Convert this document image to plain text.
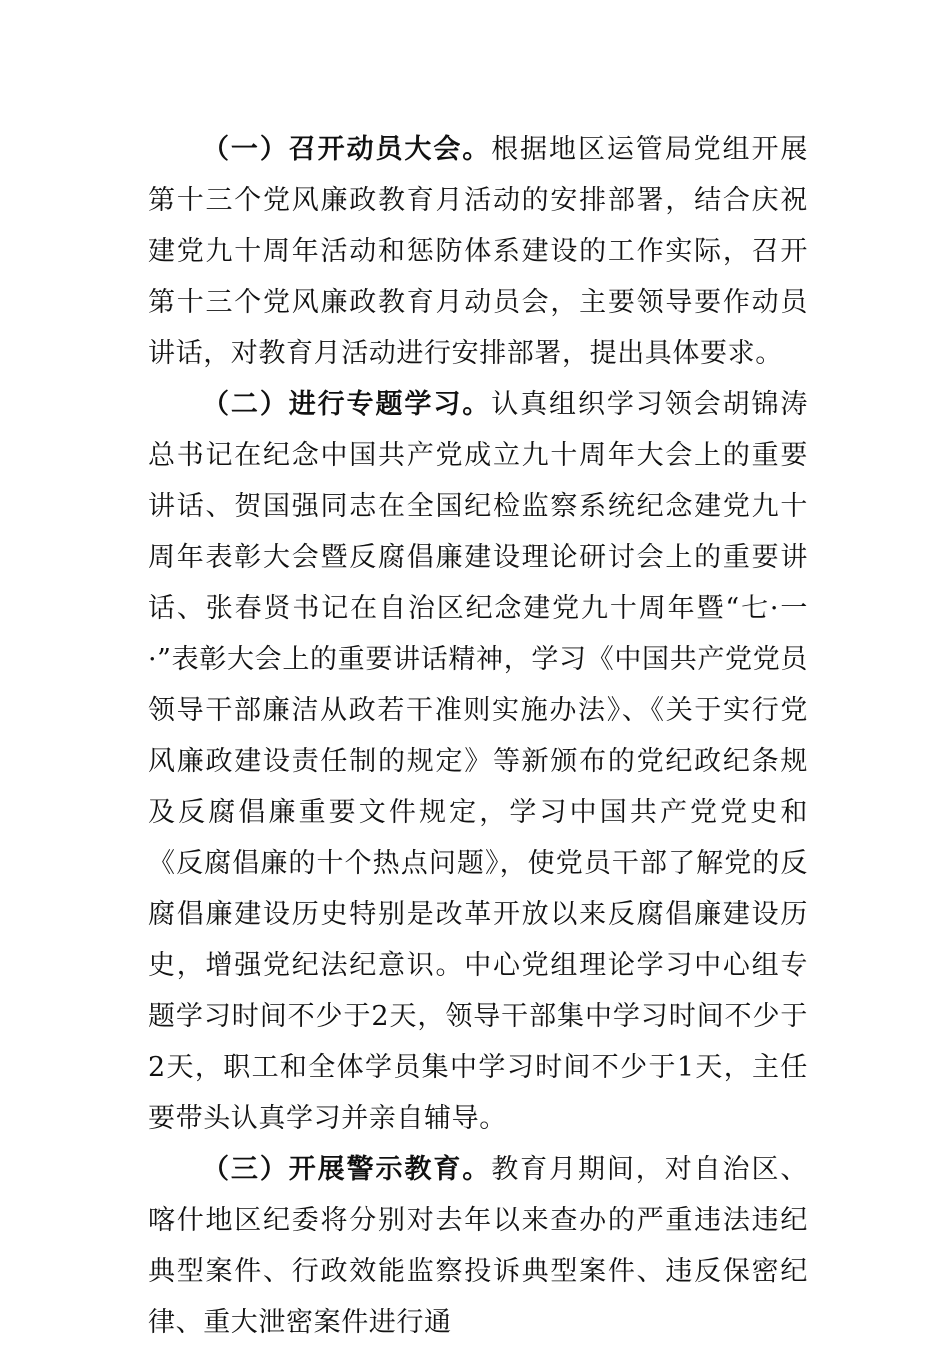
（一）召开动员大会。根据地区运管局党组开展第十三个党风廉政教育月活动的安排部署，结合庆祝建党九十周年活动和惩防体系建设的工作实际，召开第十三个党风廉政教育月动员会，主要领导要作动员讲话，对教育月活动进行安排部署，提出具体要求。

（二）进行专题学习。认真组织学习领会胡锦涛总书记在纪念中国共产党成立九十周年大会上的重要讲话、贺国强同志在全国纪检监察系统纪念建党九十周年表彰大会暨反腐倡廉建设理论研讨会上的重要讲话、张春贤书记在自治区纪念建党九十周年暨“七·一·”表彰大会上的重要讲话精神，学习《中国共产党党员领导干部廉洁从政若干准则实施办法》、《关于实行党风廉政建设责任制的规定》等新颁布的党纪政纪条规及反腐倡廉重要文件规定，学习中国共产党党史和《反腐倡廉的十个热点问题》，使党员干部了解党的反腐倡廉建设历史特别是改革开放以来反腐倡廉建设历史，增强党纪法纪意识。中心党组理论学习中心组专题学习时间不少于2天，领导干部集中学习时间不少于2天，职工和全体学员集中学习时间不少于1天，主任要带头认真学习并亲自辅导。

（三）开展警示教育。教育月期间，对自治区、喀什地区纪委将分别对去年以来查办的严重违法违纪典型案件、行政效能监察投诉典型案件、违反保密纪律、重大泄密案件进行通
